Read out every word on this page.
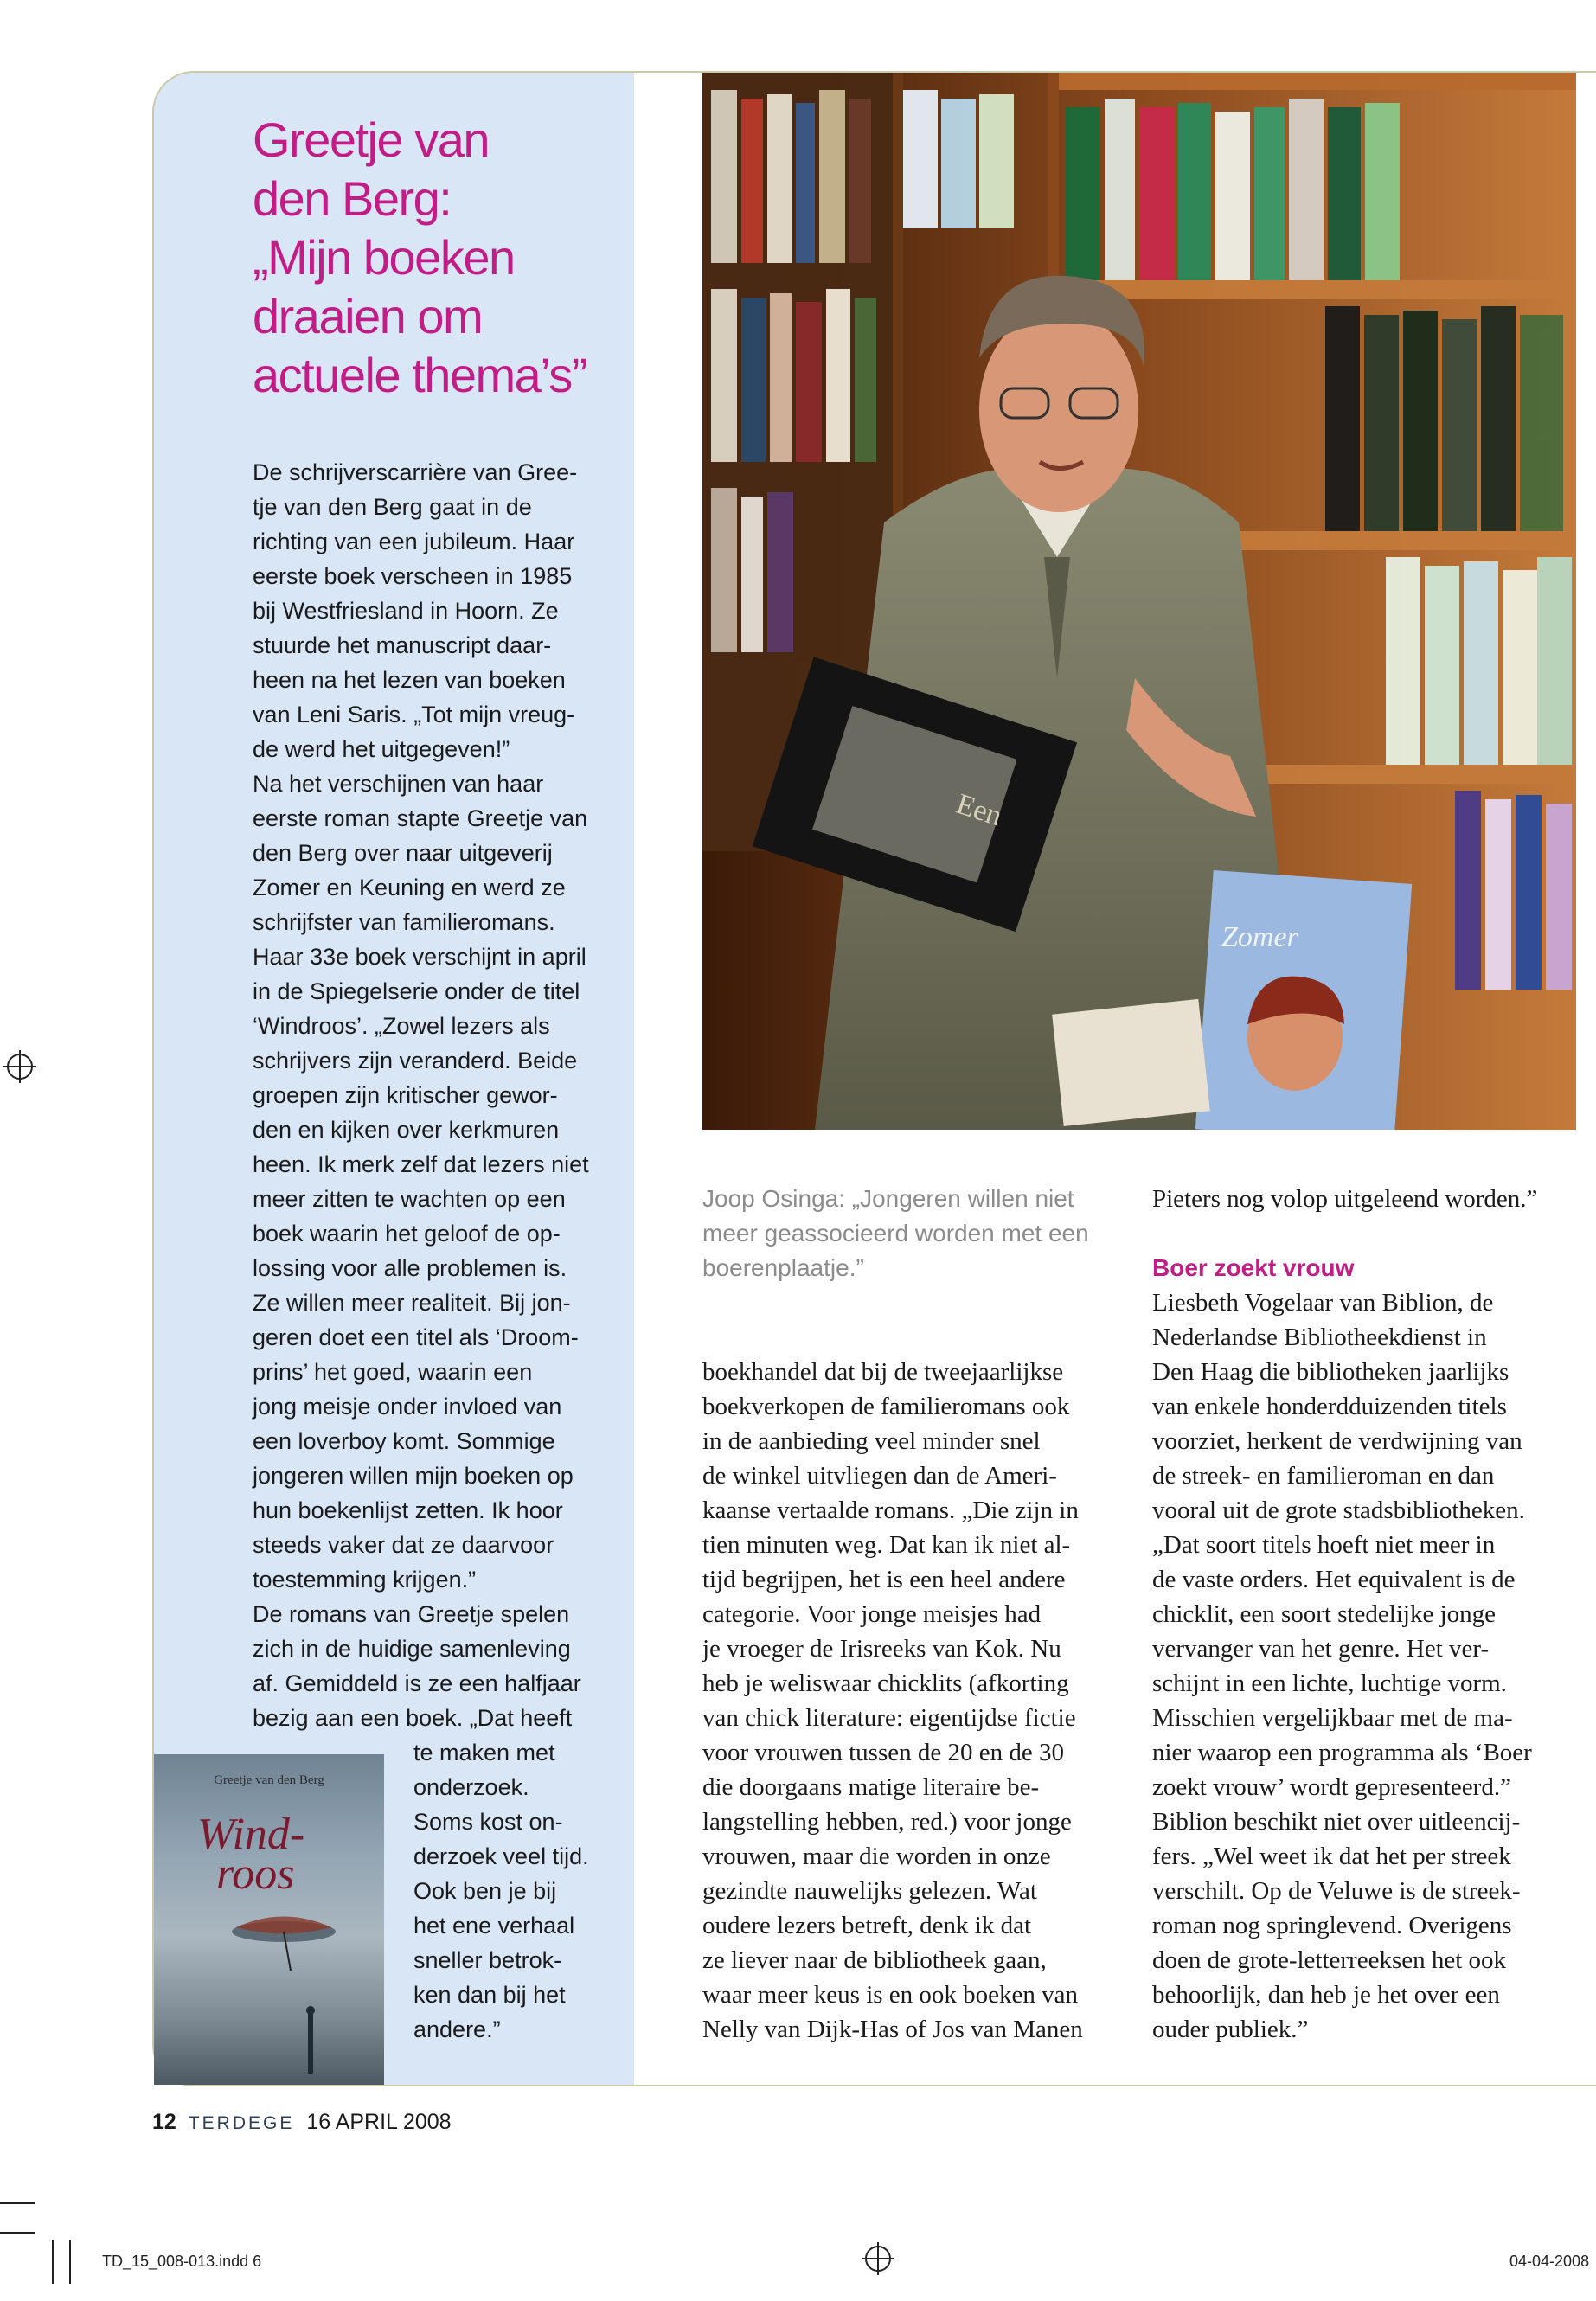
Greetje van
den Berg:
„Mijn boeken
draaien om
actuele thema’s”

De schrijverscarrière van Gree-

tje van den Berg gaat in de

richting van een jubileum. Haar

eerste boek verscheen in 1985

bij Westfriesland in Hoorn. Ze

stuurde het manuscript daar-

heen na het lezen van boeken

van Leni Saris. „Tot mijn vreug-

de werd het uitgegeven!”

Na het verschijnen van haar

eerste roman stapte Greetje van

den Berg over naar uitgeverij

Zomer en Keuning en werd ze

schrijfster van familieromans.

Haar 33e boek verschijnt in april

in de Spiegelserie onder de titel

‘Windroos’. „Zowel lezers als

schrijvers zijn veranderd. Beide

groepen zijn kritischer gewor-

den en kijken over kerkmuren

heen. Ik merk zelf dat lezers niet

meer zitten te wachten op een

boek waarin het geloof de op-

lossing voor alle problemen is.

Ze willen meer realiteit. Bij jon-

geren doet een titel als ‘Droom-

prins’ het goed, waarin een

jong meisje onder invloed van

een loverboy komt. Sommige

jongeren willen mijn boeken op

hun boekenlijst zetten. Ik hoor

steeds vaker dat ze daarvoor

toestemming krijgen.”

De romans van Greetje spelen

zich in de huidige samenleving

af. Gemiddeld is ze een halfjaar

bezig aan een boek. „Dat heeft

te maken met

onderzoek.

Soms kost on-

derzoek veel tijd.

Ook ben je bij

het ene verhaal

sneller betrok-

ken dan bij het

andere.”

Greetje van den Berg
Wind-
roos
Een
Zomer

Joop Osinga: „Jongeren willen niet
meer geassocieerd worden met een
boerenplaatje.”

boekhandel dat bij de tweejaarlijkse

boekverkopen de familieromans ook

in de aanbieding veel minder snel

de winkel uitvliegen dan de Ameri-

kaanse vertaalde romans. „Die zijn in

tien minuten weg. Dat kan ik niet al-

tijd begrijpen, het is een heel andere

categorie. Voor jonge meisjes had

je vroeger de Irisreeks van Kok. Nu

heb je weliswaar chicklits (afkorting

van chick literature: eigentijdse fictie

voor vrouwen tussen de 20 en de 30

die doorgaans matige literaire be-

langstelling hebben, red.) voor jonge

vrouwen, maar die worden in onze

gezindte nauwelijks gelezen. Wat

oudere lezers betreft, denk ik dat

ze liever naar de bibliotheek gaan,

waar meer keus is en ook boeken van

Nelly van Dijk-Has of Jos van Manen

Pieters nog volop uitgeleend worden.”

Boer zoekt vrouw

Liesbeth Vogelaar van Biblion, de

Nederlandse Bibliotheekdienst in

Den Haag die bibliotheken jaarlijks

van enkele honderdduizenden titels

voorziet, herkent de verdwijning van

de streek- en familieroman en dan

vooral uit de grote stadsbibliotheken.

„Dat soort titels hoeft niet meer in

de vaste orders. Het equivalent is de

chicklit, een soort stedelijke jonge

vervanger van het genre. Het ver-

schijnt in een lichte, luchtige vorm.

Misschien vergelijkbaar met de ma-

nier waarop een programma als ‘Boer

zoekt vrouw’ wordt gepresenteerd.”

Biblion beschikt niet over uitleencij-

fers. „Wel weet ik dat het per streek

verschilt. Op de Veluwe is de streek-

roman nog springlevend. Overigens

doen de grote-letterreeksen het ook

behoorlijk, dan heb je het over een

ouder publiek.”

12 TERDEGE 16 APRIL 2008
TD_15_008-013.indd 6	04-04-2008
